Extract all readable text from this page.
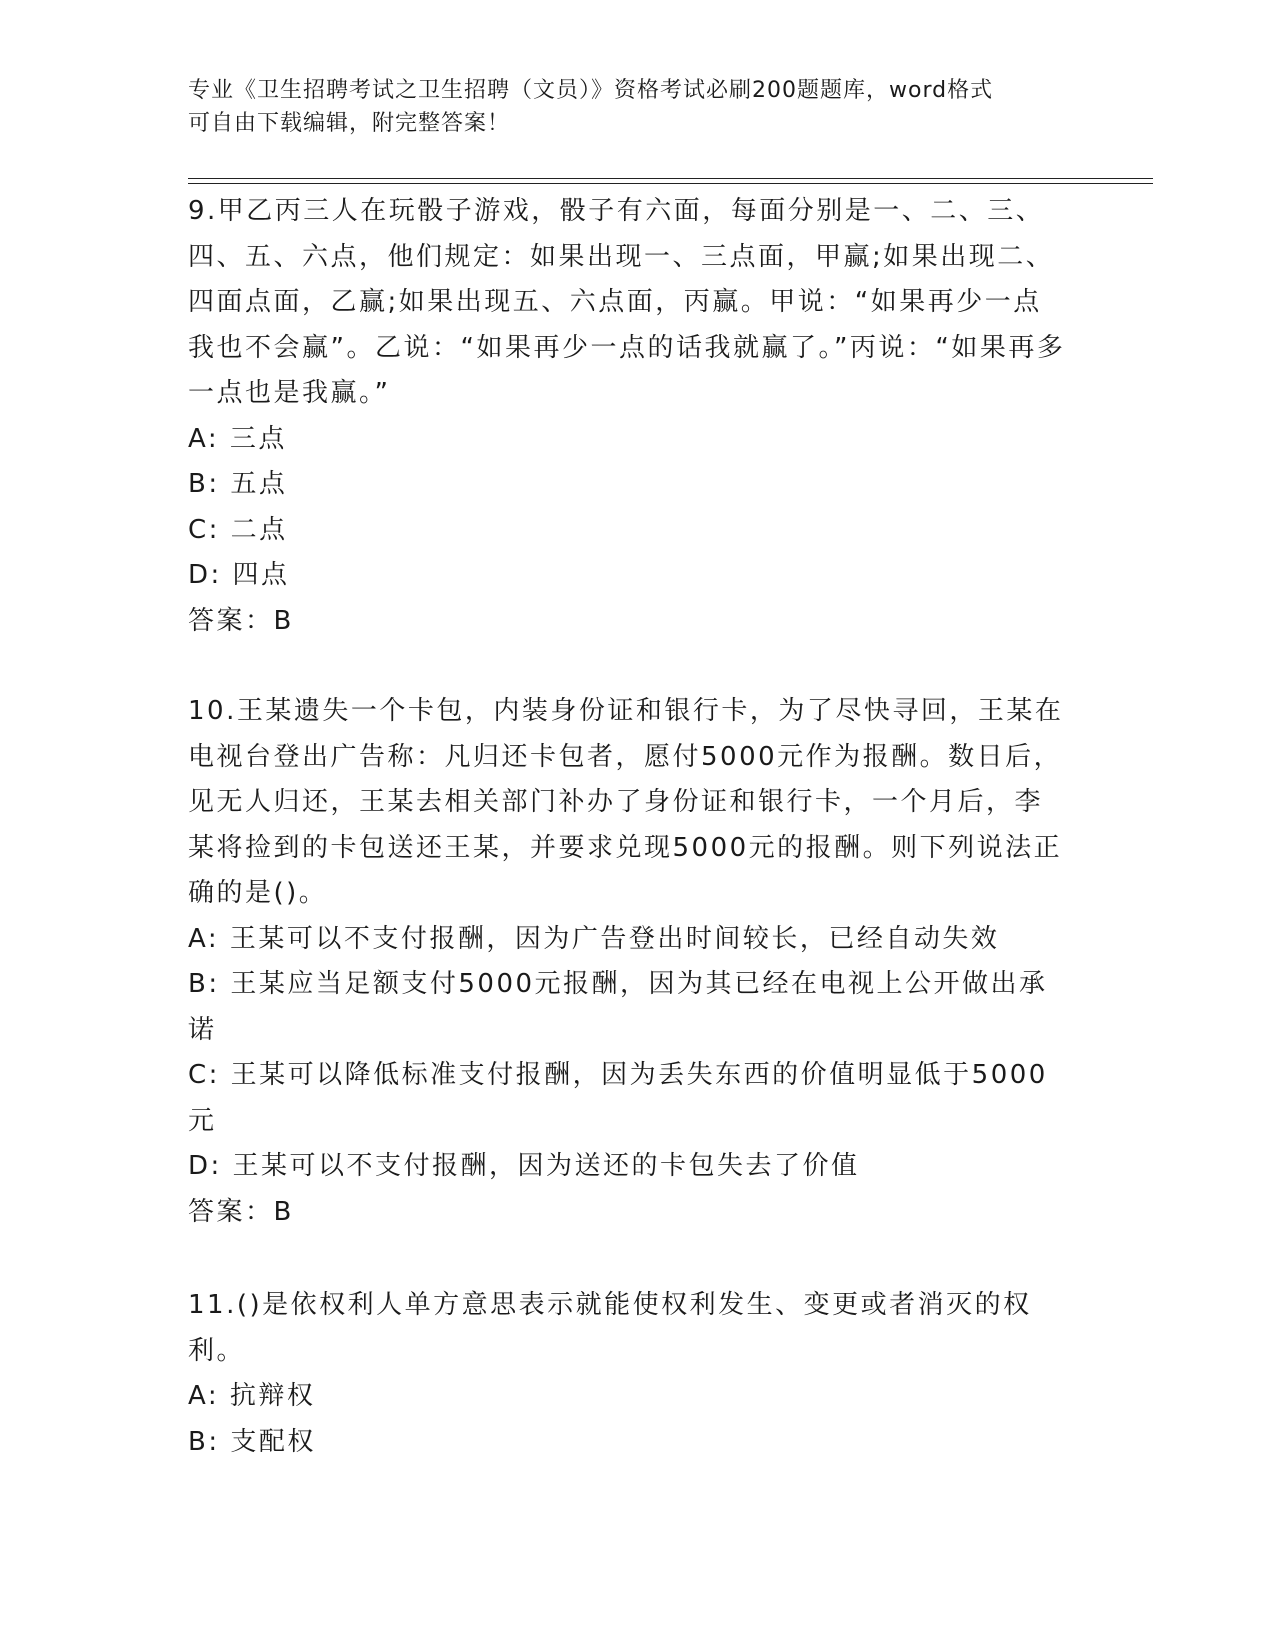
专业《卫生招聘考试之卫生招聘（文员）》资格考试必刷200题题库，word格式
可自由下载编辑，附完整答案！

9.甲乙丙三人在玩骰子游戏，骰子有六面，每面分别是一、二、三、四、五、六点，他们规定：如果出现一、三点面，甲赢;如果出现二、四面点面，乙赢;如果出现五、六点面，丙赢。甲说：“如果再少一点我也不会赢”。乙说：“如果再少一点的话我就赢了。”丙说：“如果再多一点也是我赢。”

A: 三点

B: 五点

C: 二点

D: 四点

答案：B

10.王某遗失一个卡包，内装身份证和银行卡，为了尽快寻回，王某在电视台登出广告称：凡归还卡包者，愿付5000元作为报酬。数日后，见无人归还，王某去相关部门补办了身份证和银行卡，一个月后，李某将捡到的卡包送还王某，并要求兑现5000元的报酬。则下列说法正确的是()。

A: 王某可以不支付报酬，因为广告登出时间较长，已经自动失效

B: 王某应当足额支付5000元报酬，因为其已经在电视上公开做出承诺

C: 王某可以降低标准支付报酬，因为丢失东西的价值明显低于5000元

D: 王某可以不支付报酬，因为送还的卡包失去了价值

答案：B

11.()是依权利人单方意思表示就能使权利发生、变更或者消灭的权利。

A: 抗辩权

B: 支配权
